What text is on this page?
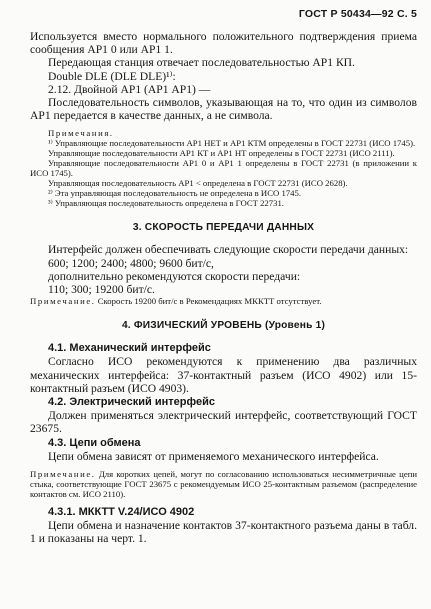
ГОСТ Р 50434—92 С. 5

Используется вместо нормального положительного подтверждения приема сообщения АР1 0 или АР1 1.

Передающая станция отвечает последовательностью АР1 КП.

Double DLE (DLE DLE)¹⁾:

2.12. Двойной АР1 (АР1 АР1) —

Последовательность символов, указывающая на то, что один из символов АР1 передается в качестве данных, а не символа.

Примечания.

¹⁾ Управляющие последовательности АР1 НЕТ и АР1 КТМ определены в ГОСТ 22731 (ИСО 1745).

Управляющие последовательности АР1 КТ и АР1 НТ определены в ГОСТ 22731 (ИСО 2111).

Управляющие последовательности АР1 0 и АР1 1 определены в ГОСТ 22731 (в приложении к ИСО 1745).

Управляющая последовательность АР1 < определена в ГОСТ 22731 (ИСО 2628).

²⁾ Эта управляющая последовательность не определена в ИСО 1745.

³⁾ Управляющая последовательность определена в ГОСТ 22731.

3. СКОРОСТЬ ПЕРЕДАЧИ ДАННЫХ

Интерфейс должен обеспечивать следующие скорости передачи данных:

600; 1200; 2400; 4800; 9600 бит/с,

дополнительно рекомендуются скорости передачи:

110; 300; 19200 бит/с.

Примечание. Скорость 19200 бит/с в Рекомендациях МККТТ отсутствует.

4. ФИЗИЧЕСКИЙ УРОВЕНЬ (Уровень 1)

4.1. Механический интерфейс

Согласно ИСО рекомендуются к применению два различных механических интерфейса: 37-контактный разъем (ИСО 4902) или 15-контактный разъем (ИСО 4903).

4.2. Электрический интерфейс

Должен применяться электрический интерфейс, соответствующий ГОСТ 23675.

4.3. Цепи обмена

Цепи обмена зависят от применяемого механического интерфейса.

Примечание. Для коротких цепей, могут по согласованию использоваться несимметричные цепи стыка, соответствующие ГОСТ 23675 с рекомендуемым ИСО 25-контактным разъемом (распределение контактов см. ИСО 2110).

4.3.1. МККТТ V.24/ИСО 4902

Цепи обмена и назначение контактов 37-контактного разъема даны в табл. 1 и показаны на черт. 1.
